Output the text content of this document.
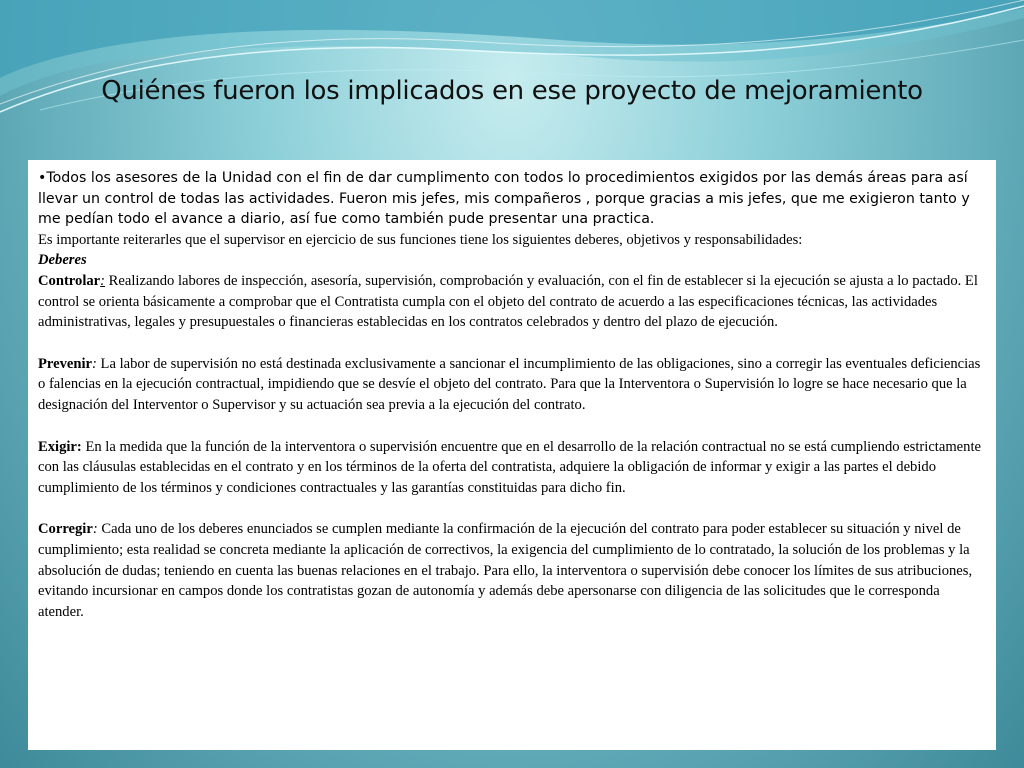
Quiénes fueron los implicados en ese proyecto de mejoramiento

•Todos los asesores de la Unidad con el fin de dar cumplimento con todos lo procedimientos exigidos por las demás áreas para así llevar un control de todas las actividades. Fueron mis jefes, mis compañeros , porque gracias a mis jefes, que me exigieron tanto y me pedían todo el avance a diario, así fue como también pude presentar una practica.

Es importante reiterarles que el supervisor en ejercicio de sus funciones tiene los siguientes deberes, objetivos y responsabilidades:

Deberes

Controlar: Realizando labores de inspección, asesoría, supervisión, comprobación y evaluación, con el fin de establecer si la ejecución se ajusta a lo pactado. El control se orienta básicamente a comprobar que el Contratista cumpla con el objeto del contrato de acuerdo a las especificaciones técnicas, las actividades administrativas, legales y presupuestales o financieras establecidas en los contratos celebrados y dentro del plazo de ejecución.

Prevenir: La labor de supervisión no está destinada exclusivamente a sancionar el incumplimiento de las obligaciones, sino a corregir las eventuales deficiencias o falencias en la ejecución contractual, impidiendo que se desvíe el objeto del contrato. Para que la Interventora o Supervisión lo logre se hace necesario que la designación del Interventor o Supervisor y su actuación sea previa a la ejecución del contrato.

Exigir: En la medida que la función de la interventora o supervisión encuentre que en el desarrollo de la relación contractual no se está cumpliendo estrictamente con las cláusulas establecidas en el contrato y en los términos de la oferta del contratista, adquiere la obligación de informar y exigir a las partes el debido cumplimiento de los términos y condiciones contractuales y las garantías constituidas para dicho fin.

Corregir: Cada uno de los deberes enunciados se cumplen mediante la confirmación de la ejecución del contrato para poder establecer su situación y nivel de cumplimiento; esta realidad se concreta mediante la aplicación de correctivos, la exigencia del cumplimiento de lo contratado, la solución de los problemas y la absolución de dudas; teniendo en cuenta las buenas relaciones en el trabajo. Para ello, la interventora o supervisión debe conocer los límites de sus atribuciones, evitando incursionar en campos donde los contratistas gozan de autonomía y además debe apersonarse con diligencia de las solicitudes que le corresponda atender.
